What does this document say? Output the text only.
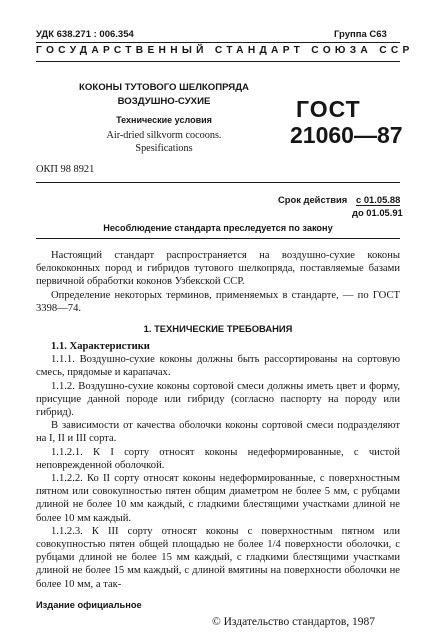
УДК 638.271 : 006.354	Группа С63
ГОСУДАРСТВЕННЫЙ СТАНДАРТ СОЮЗА ССР
КОКОНЫ ТУТОВОГО ШЕЛКОПРЯДА
ВОЗДУШНО-СУХИЕ
Технические условия
Air-dried silkvorm cocoons.
Spesifications
ГОСТ
21060—87
ОКП 98 8921
Срок действия с 01.05.88
до 01.05.91
Несоблюдение стандарта преследуется по закону

Настоящий стандарт распространяется на воздушно-сухие коконы белококонных пород и гибридов тутового шелкопряда, поставляемые базами первичной обработки коконов Узбекской ССР.

Определение некоторых терминов, применяемых в стандарте, — по ГОСТ 3398—74.

1. ТЕХНИЧЕСКИЕ ТРЕБОВАНИЯ

1.1. Характеристики

1.1.1. Воздушно-сухие коконы должны быть рассортированы на сортовую смесь, прядомые и карапачах.

1.1.2. Воздушно-сухие коконы сортовой смеси должны иметь цвет и форму, присущие данной породе или гибриду (согласно паспорту на породу или гибрид).

В зависимости от качества оболочки коконы сортовой смеси подразделяют на I, II и III сорта.

1.1.2.1. К I сорту относят коконы недеформированные, с чистой неповрежденной оболочкой.

1.1.2.2. Ко II сорту относят коконы недеформированные, с поверхностным пятном или совокупностью пятен общим диаметром не более 5 мм, с рубцами длиной не более 10 мм каждый, с гладкими блестящими участками длиной не более 10 мм каждый.

1.1.2.3. К III сорту относят коконы с поверхностным пятном или совокупностью пятен общей площадью не более 1/4 поверхности оболочки, с рубцами длиной не более 15 мм каждый, с гладкими блестящими участками длиной не более 15 мм каждый, с длиной вмятины на поверхности оболочки не более 10 мм, а так-

Издание официальное
© Издательство стандартов, 1987
